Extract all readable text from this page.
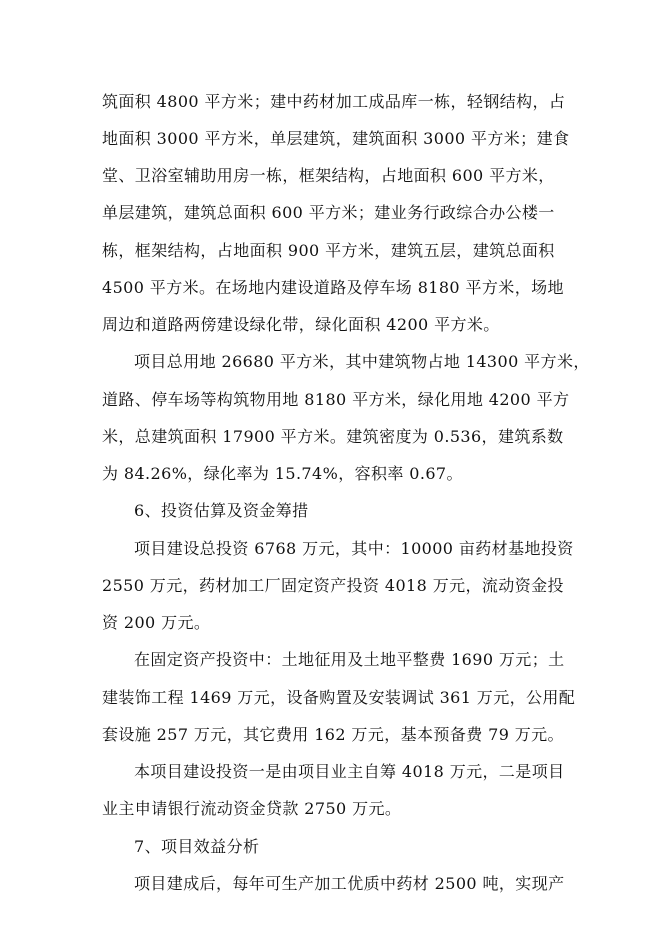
筑面积 4800 平方米；建中药材加工成品库一栋，轻钢结构，占
地面积 3000 平方米，单层建筑，建筑面积 3000 平方米；建食
堂、卫浴室辅助用房一栋，框架结构，占地面积 600 平方米，
单层建筑，建筑总面积 600 平方米；建业务行政综合办公楼一
栋，框架结构，占地面积 900 平方米，建筑五层，建筑总面积
4500 平方米。在场地内建设道路及停车场 8180 平方米，场地
周边和道路两傍建设绿化带，绿化面积 4200 平方米。
项目总用地 26680 平方米，其中建筑物占地 14300 平方米，
道路、停车场等构筑物用地 8180 平方米，绿化用地 4200 平方
米，总建筑面积 17900 平方米。建筑密度为 0.536，建筑系数
为 84.26%，绿化率为 15.74%，容积率 0.67。
6、投资估算及资金筹措
项目建设总投资 6768 万元，其中：10000 亩药材基地投资
2550 万元，药材加工厂固定资产投资 4018 万元，流动资金投
资 200 万元。
在固定资产投资中：土地征用及土地平整费 1690 万元；土
建装饰工程 1469 万元，设备购置及安装调试 361 万元，公用配
套设施 257 万元，其它费用 162 万元，基本预备费 79 万元。
本项目建设投资一是由项目业主自筹 4018 万元，二是项目
业主申请银行流动资金贷款 2750 万元。
7、项目效益分析
项目建成后，每年可生产加工优质中药材 2500 吨，实现产
